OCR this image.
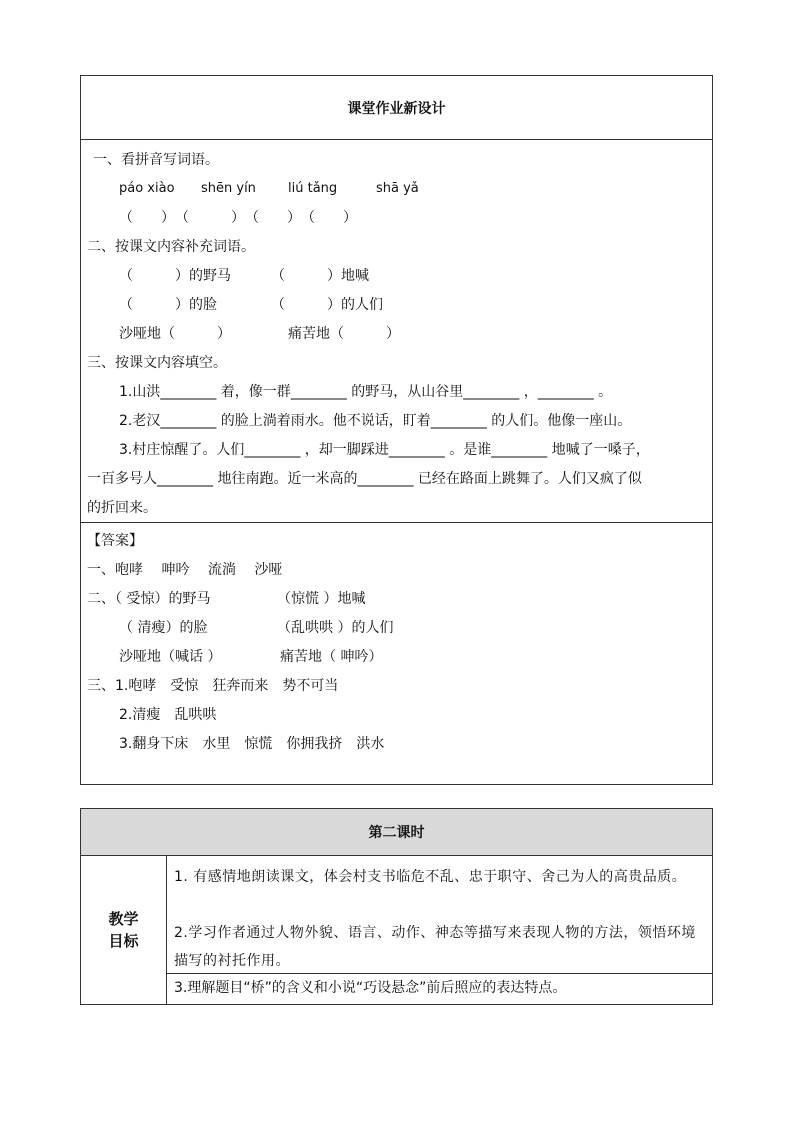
课堂作业新设计
一、看拼音写词语。
páo xiào shēn yín liú tǎng	shā yǎ
（　　）　（　　　）　（　　）　（　　）
二、按课文内容补充词语。
（　　　）的野马	（　　　）地喊
（　　　）的脸	（　　　）的人们
沙哑地（　　　）	痛苦地（　　　）
三、按课文内容填空。
1.山洪________ 着，像一群________ 的野马，从山谷里________ ，________ 。
2.老汉________ 的脸上淌着雨水。他不说话，盯着________ 的人们。他像一座山。
3.村庄惊醒了。人们________ ，却一脚踩进________ 。是谁________ 地喊了一嗓子，
一百多号人________ 地往南跑。近一米高的________ 已经在路面上跳舞了。人们又疯了似
的折回来。
【答案】
一、咆哮　 呻吟　 流淌　 沙哑
二、（ 受惊）的野马	（惊慌 ）地喊
（ 清瘦）的脸	（乱哄哄 ）的人们
沙哑地（喊话 ）	痛苦地（ 呻吟）
三、1.咆哮　受惊　狂奔而来　势不可当
2.清瘦　乱哄哄
3.翻身下床　水里　惊慌　你拥我挤　洪水
第二课时
教学
目标
1. 有感情地朗读课文，体会村支书临危不乱、忠于职守、舍己为人的高贵品质。
2.学习作者通过人物外貌、语言、动作、神态等描写来表现人物的方法，领悟环境描写的衬托作用。
3.理解题目“桥”的含义和小说“巧设悬念”前后照应的表达特点。
